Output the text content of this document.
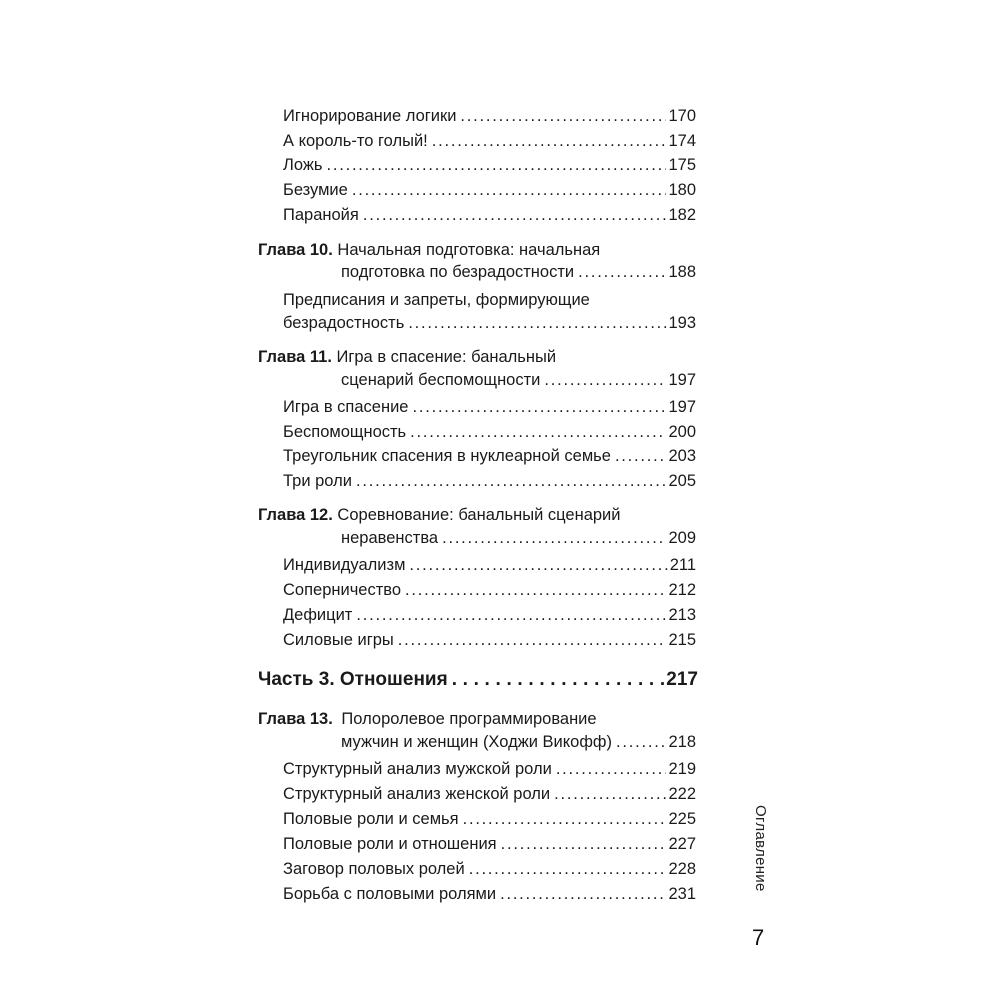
Игнорирование логики . . .	170
А король-то голый! . . .	174
Ложь . . .	175
Безумие . . .	180
Паранойя . . .	182
Глава 10. Начальная подготовка: начальная
подготовка по безрадостности . . .	188
Предписания и запреты, формирующие
безрадостность . . .	193
Глава 11. Игра в спасение: банальный
сценарий беспомощности . . .	197
Игра в спасение . . .	197
Беспомощность . . .	200
Треугольник спасения в нуклеарной семье . . .	203
Три роли . . .	205
Глава 12. Соревнование: банальный сценарий
неравенства . . .	209
Индивидуализм . . .	211
Соперничество . . .	212
Дефицит . . .	213
Силовые игры . . .	215
Часть 3. Отношения . . .	217
Глава 13. Полоролевое программирование
мужчин и женщин (Ходжи Викофф) . . .	218
Структурный анализ мужской роли . . .	219
Структурный анализ женской роли . . .	222
Половые роли и семья . . .	225
Половые роли и отношения . . .	227
Заговор половых ролей . . .	228
Борьба с половыми ролями . . .	231
Оглавление
7
